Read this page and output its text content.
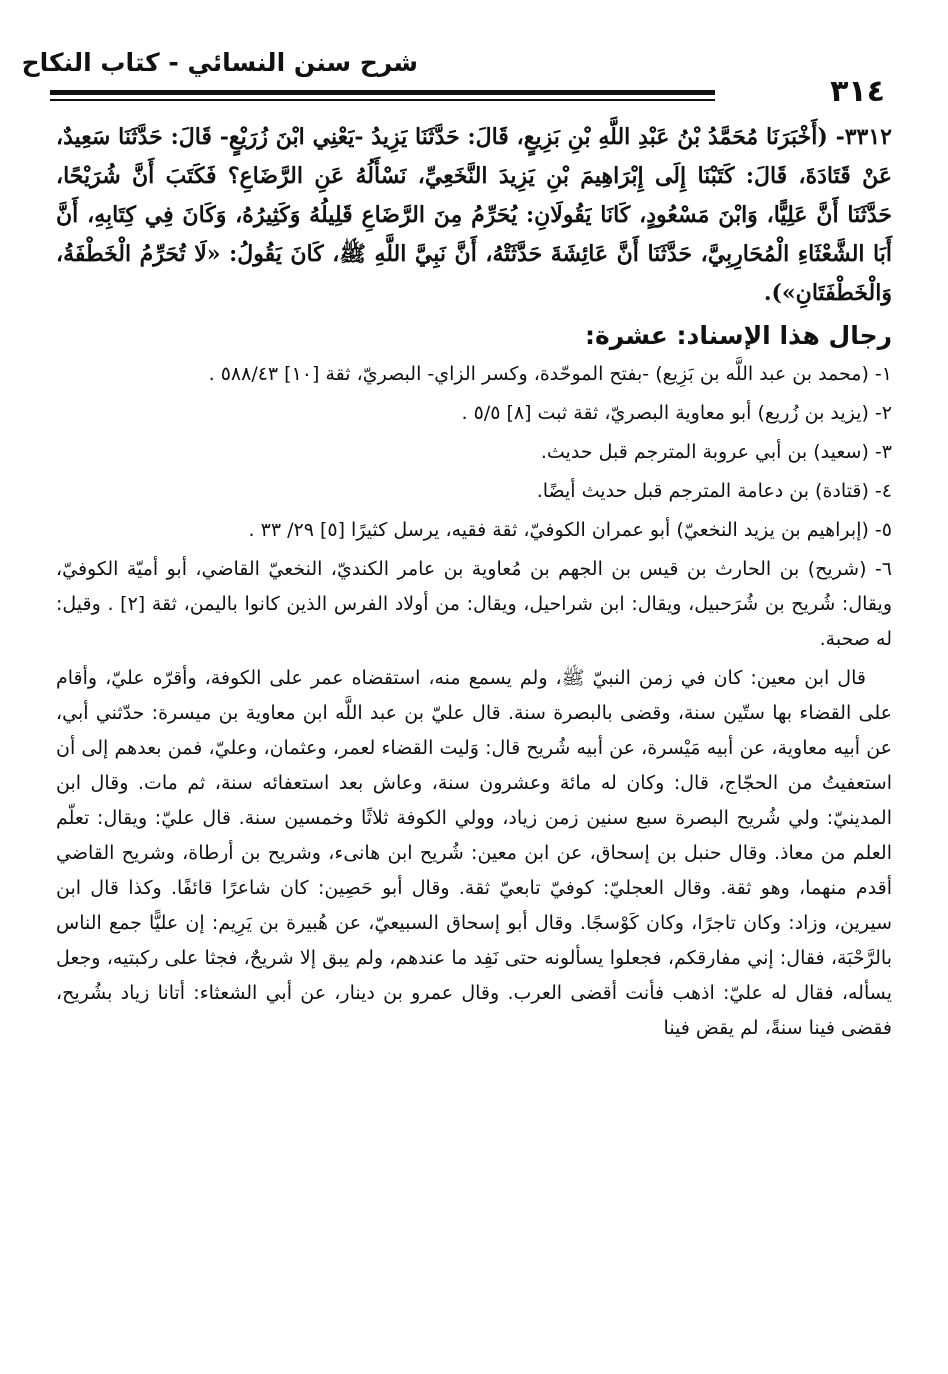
شرح سنن النسائي - كتاب النكاح
٣١٤

٣٣١٢- (أَخْبَرَنَا مُحَمَّدُ بْنُ عَبْدِ اللَّهِ بْنِ بَزِيعٍ، قَالَ: حَدَّثَنَا يَزِيدُ -يَعْنِي ابْنَ زُرَيْعٍ- قَالَ: حَدَّثَنَا سَعِيدٌ، عَنْ قَتَادَةَ، قَالَ: كَتَبْنَا إِلَى إِبْرَاهِيمَ بْنِ يَزِيدَ النَّخَعِيِّ، نَسْأَلُهُ عَنِ الرَّضَاعِ؟ فَكَتَبَ أَنَّ شُرَيْحًا، حَدَّثَنَا أَنَّ عَلِيًّا، وَابْنَ مَسْعُودٍ، كَانَا يَقُولَانِ: يُحَرِّمُ مِنَ الرَّضَاعِ قَلِيلُهُ وَكَثِيرُهُ، وَكَانَ فِي كِتَابِهِ، أَنَّ أَبَا الشَّعْثَاءِ الْمُحَارِبِيَّ، حَدَّثَنَا أَنَّ عَائِشَةَ حَدَّثَتْهُ، أَنَّ نَبِيَّ اللَّهِ ﷺ، كَانَ يَقُولُ: «لَا تُحَرِّمُ الْخَطْفَةُ، وَالْخَطْفَتَانِ»).

رجال هذا الإسناد: عشرة:
١- (محمد بن عبد اللَّه بن بَزِيع) -بفتح الموحّدة، وكسر الزاي- البصريّ، ثقة [١٠] ٥٨٨/٤٣ .
٢- (يزيد بن زُريع) أبو معاوية البصريّ، ثقة ثبت [٨] ٥/٥ .
٣- (سعيد) بن أبي عروبة المترجم قبل حديث.
٤- (قتادة) بن دعامة المترجم قبل حديث أيضًا.
٥- (إبراهيم بن يزيد النخعيّ) أبو عمران الكوفيّ، ثقة فقيه، يرسل كثيرًا [٥] ٢٩/ ٣٣ .
٦- (شريح) بن الحارث بن قيس بن الجهم بن مُعاوية بن عامر الكنديّ، النخعيّ القاضي، أبو أميّة الكوفيّ، ويقال: شُريح بن شُرَحبيل، ويقال: ابن شراحيل، ويقال: من أولاد الفرس الذين كانوا باليمن، ثقة [٢] . وقيل: له صحبة.

قال ابن معين: كان في زمن النبيّ ﷺ، ولم يسمع منه، استقضاه عمر على الكوفة، وأقرّه عليّ، وأقام على القضاء بها ستّين سنة، وقضى بالبصرة سنة. قال عليّ بن عبد اللَّه ابن معاوية بن ميسرة: حدّثني أبي، عن أبيه معاوية، عن أبيه مَيْسرة، عن أبيه شُريح قال: وَليت القضاء لعمر، وعثمان، وعليّ، فمن بعدهم إلى أن استعفيتُ من الحجّاج، قال: وكان له مائة وعشرون سنة، وعاش بعد استعفائه سنة، ثم مات. وقال ابن المدينيّ: ولي شُريح البصرة سبع سنين زمن زياد، وولي الكوفة ثلاثًا وخمسين سنة. قال عليّ: ويقال: تعلّم العلم من معاذ. وقال حنبل بن إسحاق، عن ابن معين: شُريح ابن هانىء، وشريح بن أرطاة، وشريح القاضي أقدم منهما، وهو ثقة. وقال العجليّ: كوفيّ تابعيّ ثقة. وقال أبو حَصِين: كان شاعرًا قائفًا. وكذا قال ابن سيرين، وزاد: وكان تاجرًا، وكان كَوْسجًا. وقال أبو إسحاق السبيعيّ، عن هُبيرة بن يَرِيم: إن عليًّا جمع الناس بالرَّحْبَة، فقال: إني مفارقكم، فجعلوا يسألونه حتى نَفِد ما عندهم، ولم يبق إلا شريحٌ، فجثا على ركبتيه، وجعل يسأله، فقال له عليّ: اذهب فأنت أقضى العرب. وقال عمرو بن دينار، عن أبي الشعثاء: أتانا زياد بشُريح، فقضى فينا سنةً، لم يقض فينا
